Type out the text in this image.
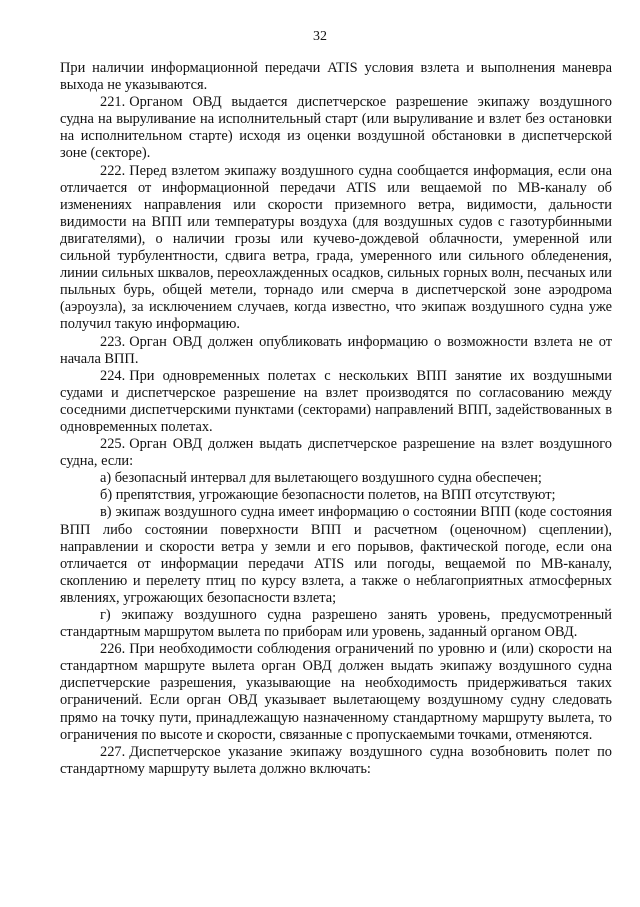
32

При наличии информационной передачи ATIS условия взлета и выполнения маневра выхода не указываются.

221. Органом ОВД выдается диспетчерское разрешение экипажу воздушного судна на выруливание на исполнительный старт (или выруливание и взлет без остановки на исполнительном старте) исходя из оценки воздушной обстановки в диспетчерской зоне (секторе).

222. Перед взлетом экипажу воздушного судна сообщается информация, если она отличается от информационной передачи ATIS или вещаемой по МВ-каналу об изменениях направления или скорости приземного ветра, видимости, дальности видимости на ВПП или температуры воздуха (для воздушных судов с газотурбинными двигателями), о наличии грозы или кучево-дождевой облачности, умеренной или сильной турбулентности, сдвига ветра, града, умеренного или сильного обледенения, линии сильных шквалов, переохлажденных осадков, сильных горных волн, песчаных или пыльных бурь, общей метели, торнадо или смерча в диспетчерской зоне аэродрома (аэроузла), за исключением случаев, когда известно, что экипаж воздушного судна уже получил такую информацию.

223. Орган ОВД должен опубликовать информацию о возможности взлета не от начала ВПП.

224. При одновременных полетах с нескольких ВПП занятие их воздушными судами и диспетчерское разрешение на взлет производятся по согласованию между соседними диспетчерскими пунктами (секторами) направлений ВПП, задействованных в одновременных полетах.

225. Орган ОВД должен выдать диспетчерское разрешение на взлет воздушного судна, если:

а) безопасный интервал для вылетающего воздушного судна обеспечен;

б) препятствия, угрожающие безопасности полетов, на ВПП отсутствуют;

в) экипаж воздушного судна имеет информацию о состоянии ВПП (коде состояния ВПП либо состоянии поверхности ВПП и расчетном (оценочном) сцеплении), направлении и скорости ветра у земли и его порывов, фактической погоде, если она отличается от информации передачи ATIS или погоды, вещаемой по МВ-каналу, скоплению и перелету птиц по курсу взлета, а также о неблагоприятных атмосферных явлениях, угрожающих безопасности взлета;

г) экипажу воздушного судна разрешено занять уровень, предусмотренный стандартным маршрутом вылета по приборам или уровень, заданный органом ОВД.

226. При необходимости соблюдения ограничений по уровню и (или) скорости на стандартном маршруте вылета орган ОВД должен выдать экипажу воздушного судна диспетчерские разрешения, указывающие на необходимость придерживаться таких ограничений. Если орган ОВД указывает вылетающему воздушному судну следовать прямо на точку пути, принадлежащую назначенному стандартному маршруту вылета, то ограничения по высоте и скорости, связанные с пропускаемыми точками, отменяются.

227. Диспетчерское указание экипажу воздушного судна возобновить полет по стандартному маршруту вылета должно включать:
